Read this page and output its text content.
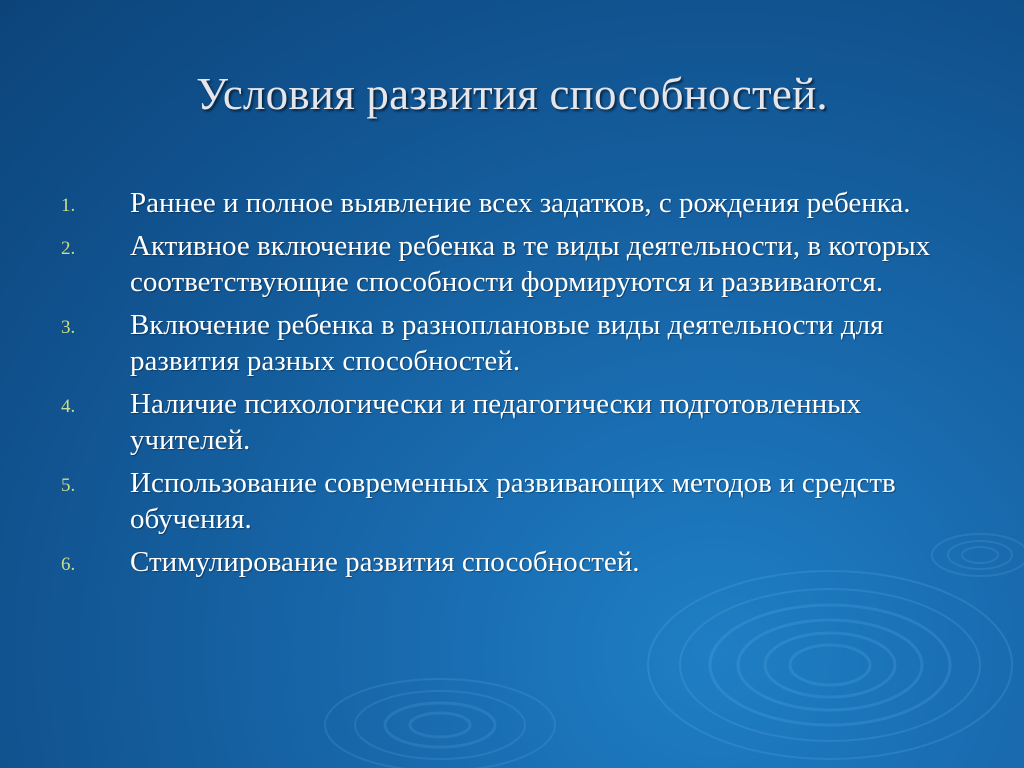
Условия развития способностей.
1. Раннее и полное выявление всех задатков, с рождения ребенка.
2. Активное включение ребенка в те виды деятельности, в которых соответствующие способности формируются и развиваются.
3. Включение ребенка в разноплановые виды деятельности для развития разных способностей.
4. Наличие психологически и педагогически подготовленных учителей.
5. Использование современных развивающих методов и средств обучения.
6. Стимулирование развития способностей.
